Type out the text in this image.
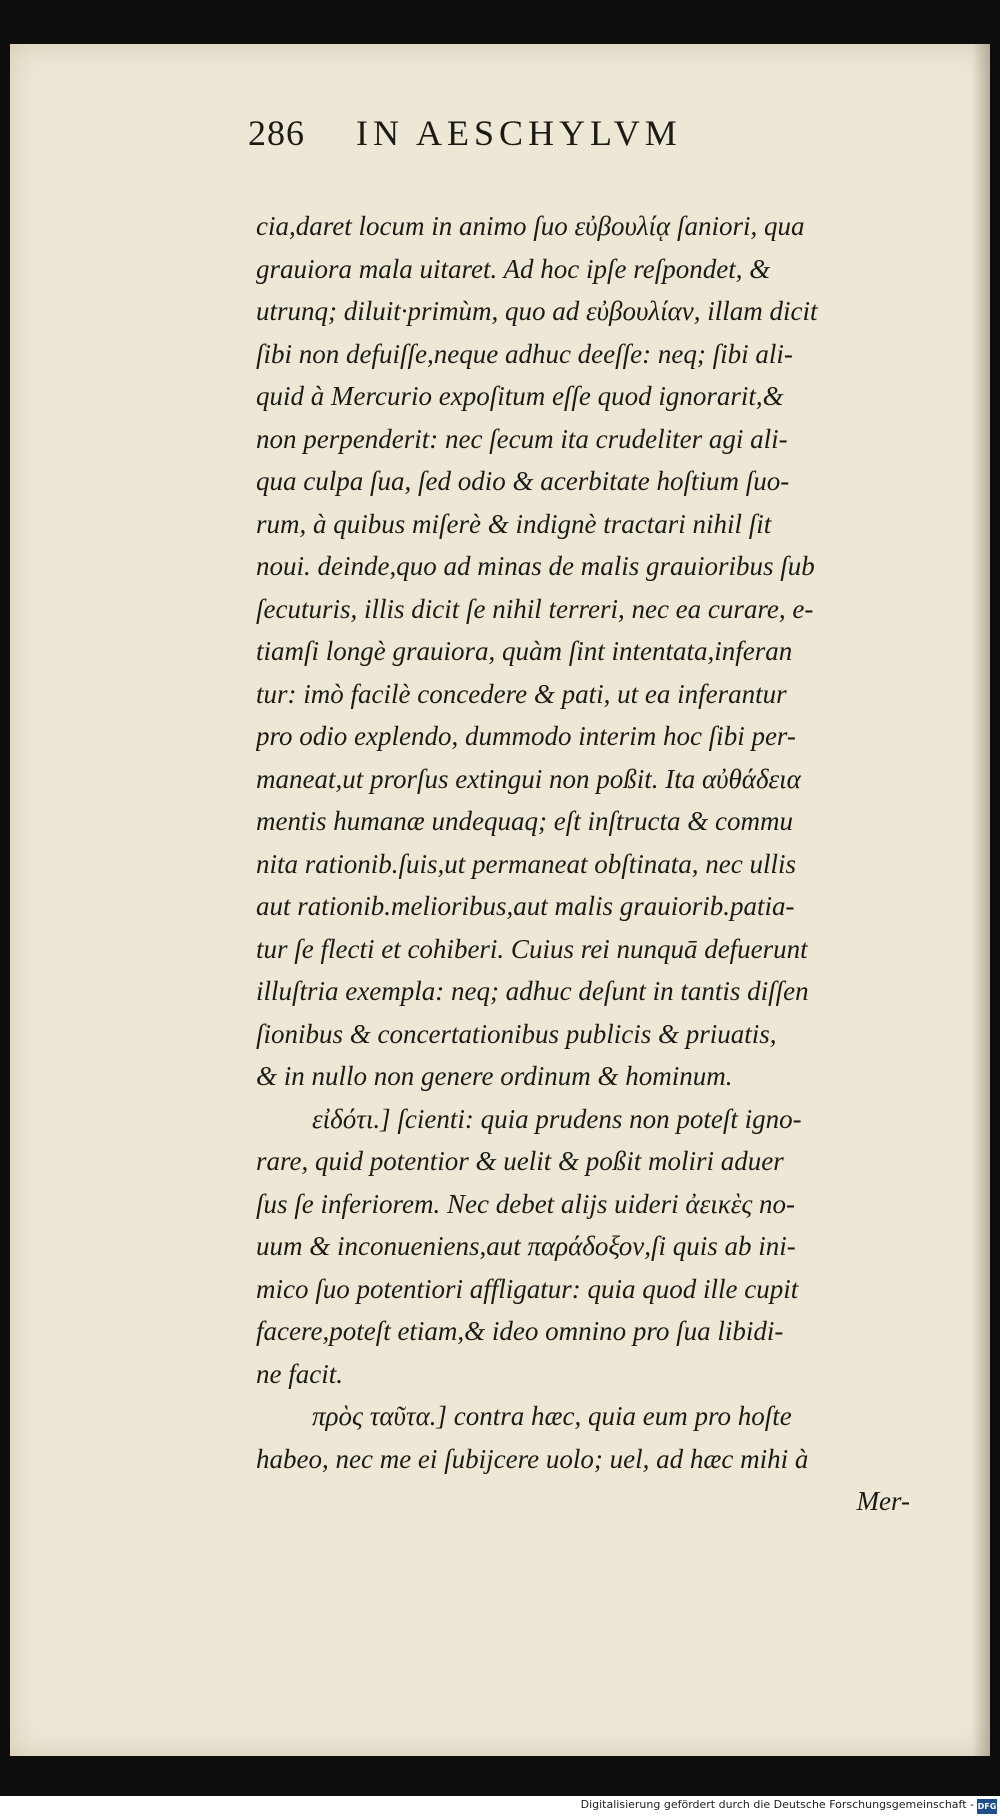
286 IN AESCHYLVM
cia,daret locum in animo ſuo εὐβουλίᾳ ſaniori, qua
grauiora mala uitaret. Ad hoc ipſe reſpondet, &
utrunq; diluit·primùm, quo ad εὐβουλίαν, illam dicit
ſibi non defuiſſe,neque adhuc deeſſe: neq; ſibi ali-
quid à Mercurio expoſitum eſſe quod ignorarit,&
non perpenderit: nec ſecum ita crudeliter agi ali-
qua culpa ſua, ſed odio & acerbitate hoſtium ſuo-
rum, à quibus miſerè & indignè tractari nihil ſit
noui. deinde,quo ad minas de malis grauioribus ſub
ſecuturis, illis dicit ſe nihil terreri, nec ea curare, e-
tiamſi longè grauiora, quàm ſint intentata,inferan
tur: imò facilè concedere & pati, ut ea inferantur
pro odio explendo, dummodo interim hoc ſibi per-
maneat,ut prorſus extingui non poßit. Ita αὐθάδεια
mentis humanæ undequaq; eſt inſtructa & commu
nita rationib.ſuis,ut permaneat obſtinata, nec ullis
aut rationib.melioribus,aut malis grauiorib.patia-
tur ſe flecti et cohiberi. Cuius rei nunquā defuerunt
illuſtria exempla: neq; adhuc deſunt in tantis diſſen
ſionibus & concertationibus publicis & priuatis,
& in nullo non genere ordinum & hominum.
εἰδότι.] ſcienti: quia prudens non poteſt igno-
rare, quid potentior & uelit & poßit moliri aduer
ſus ſe inferiorem. Nec debet alijs uideri ἀεικὲς no-
uum & inconueniens,aut παράδοξον,ſi quis ab ini-
mico ſuo potentiori affligatur: quia quod ille cupit
facere,poteſt etiam,& ideo omnino pro ſua libidi-
ne facit.
πρὸς ταῦτα.] contra hæc, quia eum pro hoſte
habeo, nec me ei ſubijcere uolo; uel, ad hæc mihi à
Mer-
Digitalisierung gefördert durch die Deutsche Forschungsgemeinschaft - DFG
